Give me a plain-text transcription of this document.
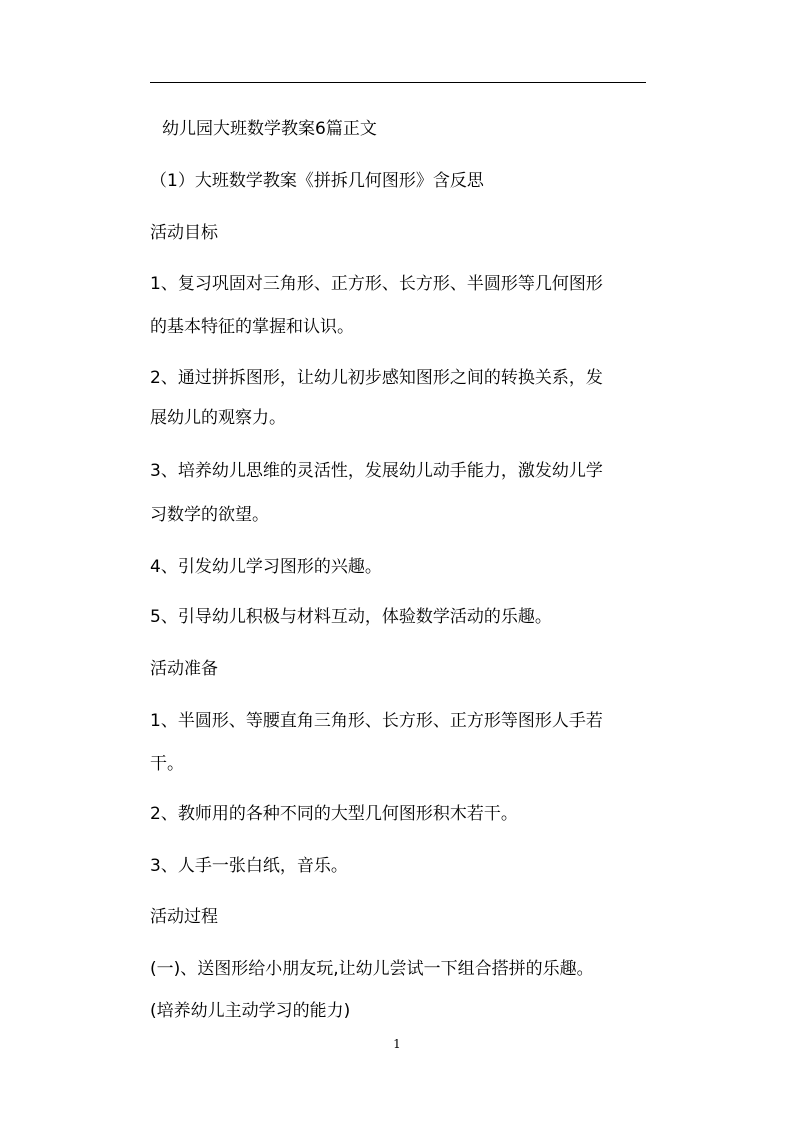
幼儿园大班数学教案6篇正文
（1）大班数学教案《拼拆几何图形》含反思
活动目标
1、复习巩固对三角形、正方形、长方形、半圆形等几何图形
的基本特征的掌握和认识。
2、通过拼拆图形，让幼儿初步感知图形之间的转换关系，发
展幼儿的观察力。
3、培养幼儿思维的灵活性，发展幼儿动手能力，激发幼儿学
习数学的欲望。
4、引发幼儿学习图形的兴趣。
5、引导幼儿积极与材料互动，体验数学活动的乐趣。
活动准备
1、半圆形、等腰直角三角形、长方形、正方形等图形人手若
干。
2、教师用的各种不同的大型几何图形积木若干。
3、人手一张白纸，音乐。
活动过程
(一)、送图形给小朋友玩,让幼儿尝试一下组合搭拼的乐趣。
(培养幼儿主动学习的能力)
1
